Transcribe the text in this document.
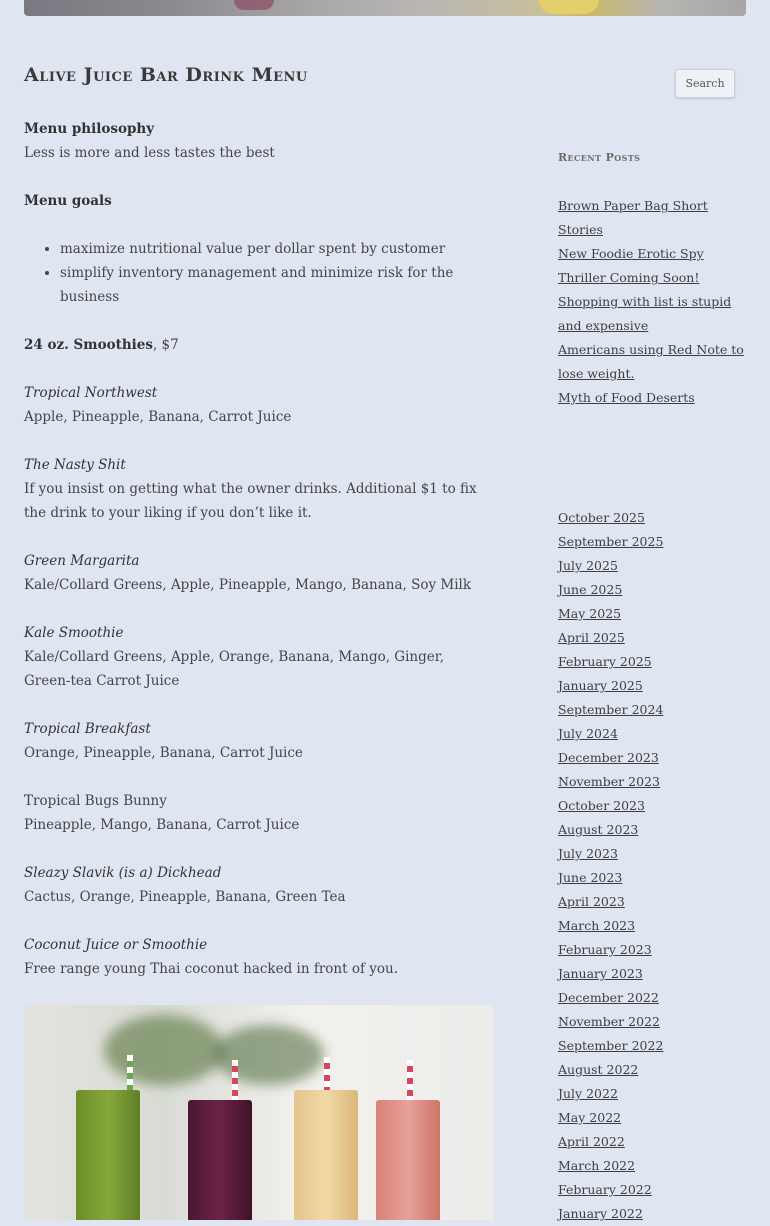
Alive Juice Bar Drink Menu	Search

Menu philosophy
Less is more and less tastes the best

Menu goals

• maximize nutritional value per dollar spent by customer
• simplify inventory management and minimize risk for the business

24 oz. Smoothies, $7

Tropical Northwest
Apple, Pineapple, Banana, Carrot Juice

The Nasty Shit
If you insist on getting what the owner drinks. Additional $1 to fix the drink to your liking if you don’t like it.

Green Margarita
Kale/Collard Greens, Apple, Pineapple, Mango, Banana, Soy Milk

Kale Smoothie
Kale/Collard Greens, Apple, Orange, Banana, Mango, Ginger, Green-tea Carrot Juice

Tropical Breakfast
Orange, Pineapple, Banana, Carrot Juice

Tropical Bugs Bunny
Pineapple, Mango, Banana, Carrot Juice

Sleazy Slavik (is a) Dickhead
Cactus, Orange, Pineapple, Banana, Green Tea

Coconut Juice or Smoothie
Free range young Thai coconut hacked in front of you.

Recent Posts
Brown Paper Bag Short Stories
New Foodie Erotic Spy Thriller Coming Soon!
Shopping with list is stupid and expensive
Americans using Red Note to lose weight.
Myth of Food Deserts
October 2025
September 2025
July 2025
June 2025
May 2025
April 2025
February 2025
January 2025
September 2024
July 2024
December 2023
November 2023
October 2023
August 2023
July 2023
June 2023
April 2023
March 2023
February 2023
January 2023
December 2022
November 2022
September 2022
August 2022
July 2022
May 2022
April 2022
March 2022
February 2022
January 2022
